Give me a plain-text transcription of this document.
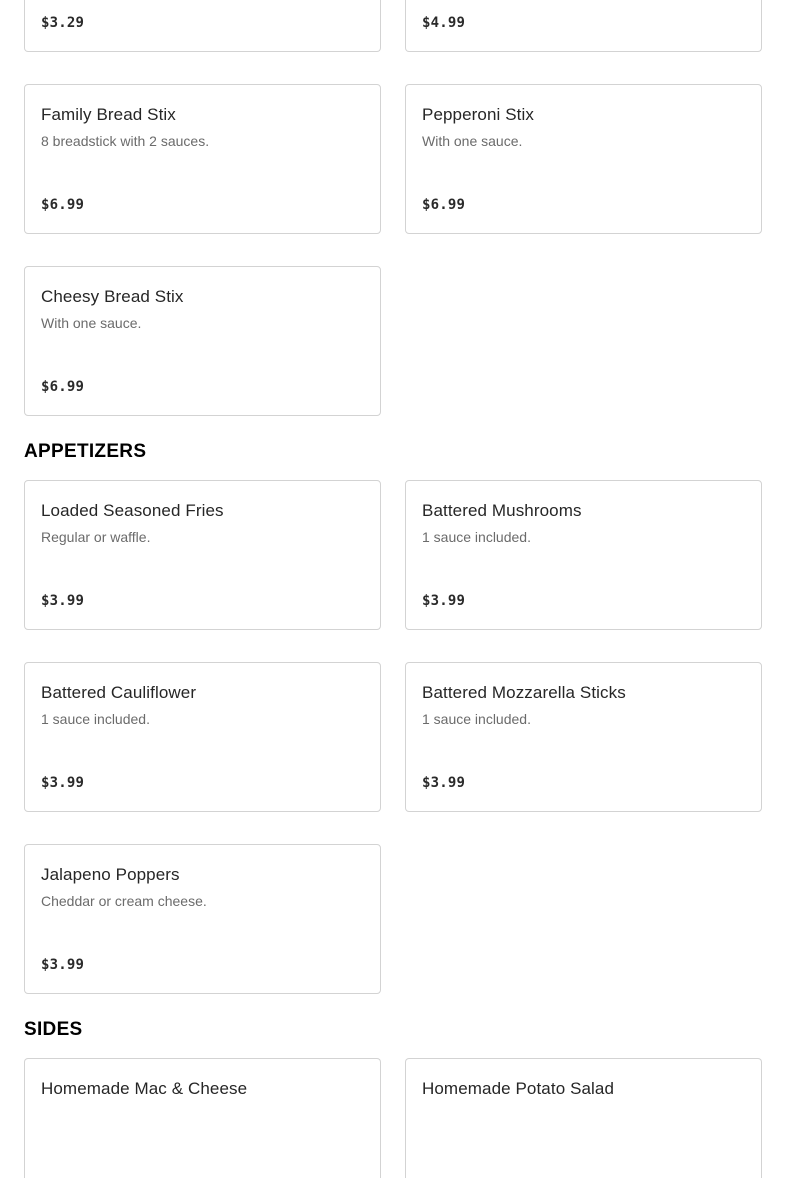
$3.29	$4.99
Family Bread Stix
8 breadstick with 2 sauces.
$6.99
Pepperoni Stix
With one sauce.
$6.99
Cheesy Bread Stix
With one sauce.
$6.99
APPETIZERS
Loaded Seasoned Fries
Regular or waffle.
$3.99
Battered Mushrooms
1 sauce included.
$3.99
Battered Cauliflower
1 sauce included.
$3.99
Battered Mozzarella Sticks
1 sauce included.
$3.99
Jalapeno Poppers
Cheddar or cream cheese.
$3.99
SIDES
Homemade Mac & Cheese	Homemade Potato Salad
